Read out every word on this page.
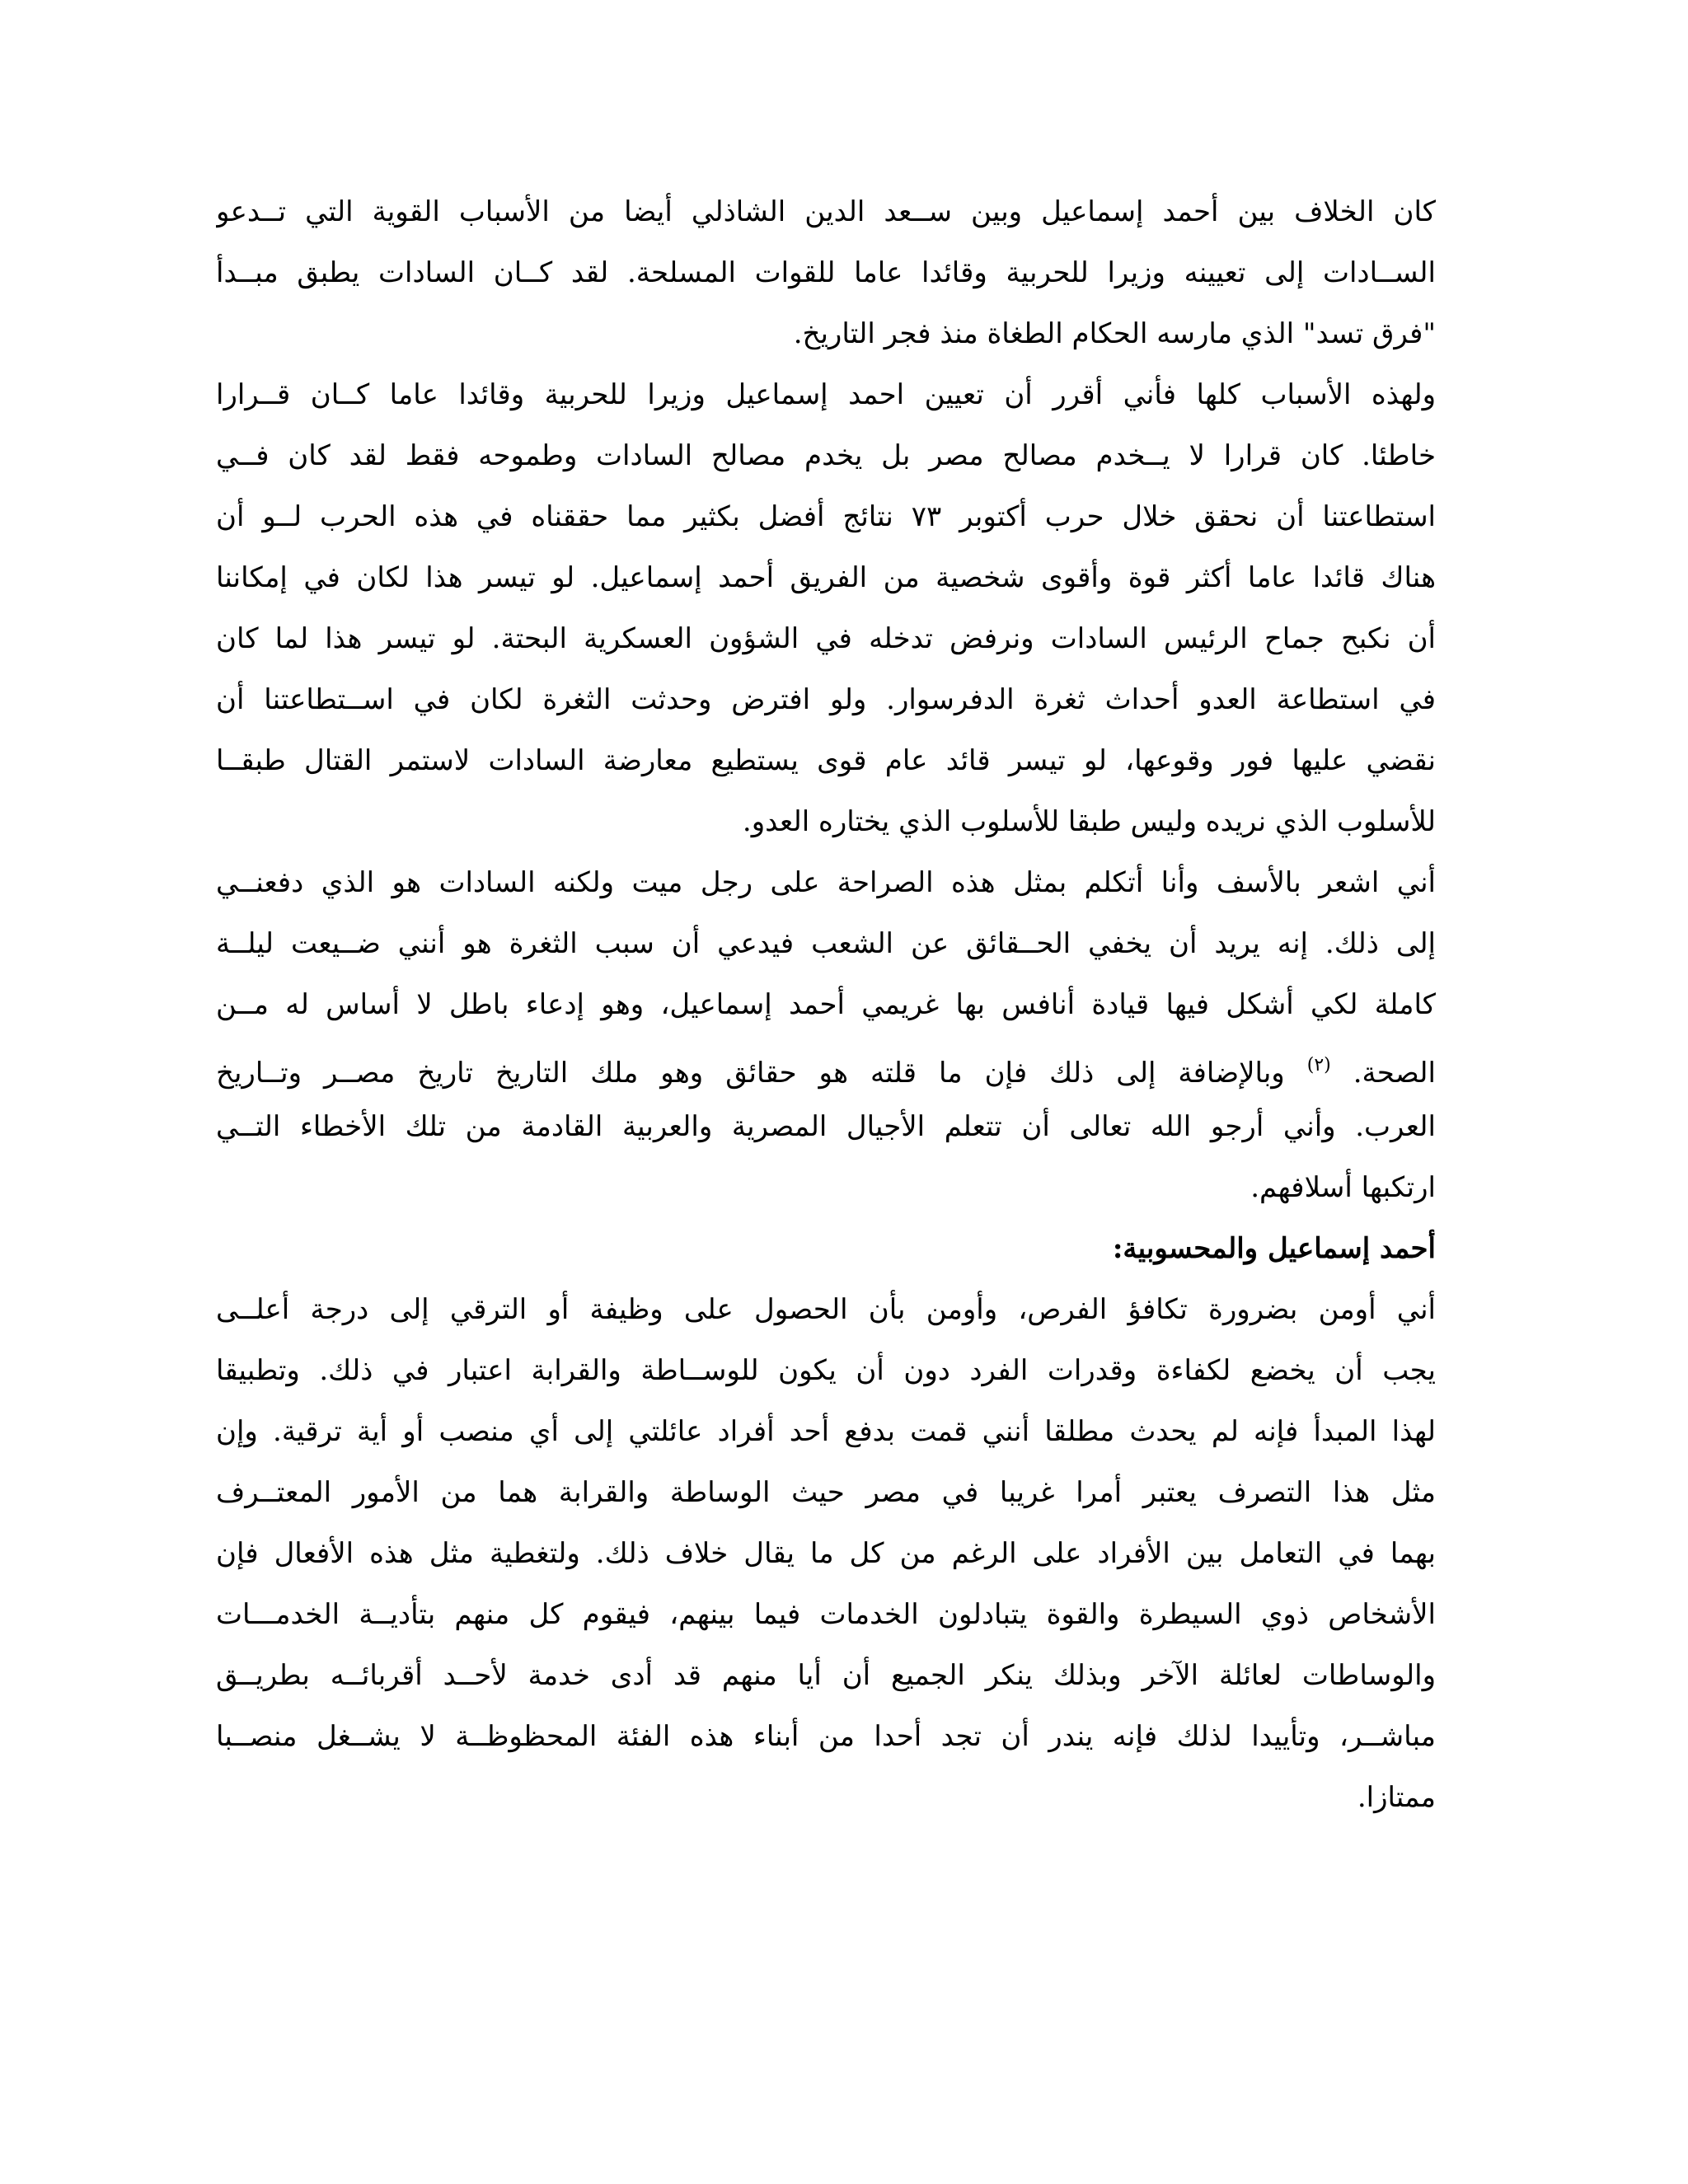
كان الخلاف بين أحمد إسماعيل وبين ســعد الدين الشاذلي أيضا من الأسباب القوية التي تــدعو
الســادات إلى تعيينه وزيرا للحربية وقائدا عاما للقوات المسلحة. لقد كــان السادات يطبق مبــدأ
"فرق تسد" الذي مارسه الحكام الطغاة منذ فجر التاريخ.
ولهذه الأسباب كلها فأني أقرر أن تعيين احمد إسماعيل وزيرا للحربية وقائدا عاما كــان قــرارا
خاطئا. كان قرارا لا يــخدم مصالح مصر بل يخدم مصالح السادات وطموحه فقط لقد كان فــي
استطاعتنا أن نحقق خلال حرب أكتوبر ٧٣ نتائج أفضل بكثير مما حققناه في هذه الحرب لــو أن
هناك قائدا عاما أكثر قوة وأقوى شخصية من الفريق أحمد إسماعيل. لو تيسر هذا لكان في إمكاننا
أن نكبح جماح الرئيس السادات ونرفض تدخله في الشؤون العسكرية البحتة. لو تيسر هذا لما كان
في استطاعة العدو أحداث ثغرة الدفرسوار. ولو افترض وحدثت الثغرة لكان في اســتطاعتنا أن
نقضي عليها فور وقوعها، لو تيسر قائد عام قوى يستطيع معارضة السادات لاستمر القتال طبقــا
للأسلوب الذي نريده وليس طبقا للأسلوب الذي يختاره العدو.
أني اشعر بالأسف وأنا أتكلم بمثل هذه الصراحة على رجل ميت ولكنه السادات هو الذي دفعنــي
إلى ذلك. إنه يريد أن يخفي الحــقائق عن الشعب فيدعي أن سبب الثغرة هو أنني ضــيعت ليلــة
كاملة لكي أشكل فيها قيادة أنافس بها غريمي أحمد إسماعيل، وهو إدعاء باطل لا أساس له مــن
الصحة. $^{(٢)}$ وبالإضافة إلى ذلك فإن ما قلته هو حقائق وهو ملك التاريخ تاريخ مصــر وتــاريخ
العرب. وأني أرجو الله تعالى أن تتعلم الأجيال المصرية والعربية القادمة من تلك الأخطاء التــي
ارتكبها أسلافهم.
أحمد إسماعيل والمحسوبية:
أني أومن بضرورة تكافؤ الفرص، وأومن بأن الحصول على وظيفة أو الترقي إلى درجة أعلــى
يجب أن يخضع لكفاءة وقدرات الفرد دون أن يكون للوســاطة والقرابة اعتبار في ذلك. وتطبيقا
لهذا المبدأ فإنه لم يحدث مطلقا أنني قمت بدفع أحد أفراد عائلتي إلى أي منصب أو أية ترقية. وإن
مثل هذا التصرف يعتبر أمرا غريبا في مصر حيث الوساطة والقرابة هما من الأمور المعتــرف
بهما في التعامل بين الأفراد على الرغم من كل ما يقال خلاف ذلك. ولتغطية مثل هذه الأفعال فإن
الأشخاص ذوي السيطرة والقوة يتبادلون الخدمات فيما بينهم، فيقوم كل منهم بتأديــة الخدمـــات
والوساطات لعائلة الآخر وبذلك ينكر الجميع أن أيا منهم قد أدى خدمة لأحــد أقربائــه بطريــق
مباشــر، وتأييدا لذلك فإنه يندر أن تجد أحدا من أبناء هذه الفئة المحظوظــة لا يشــغل منصــبا
ممتازا.
